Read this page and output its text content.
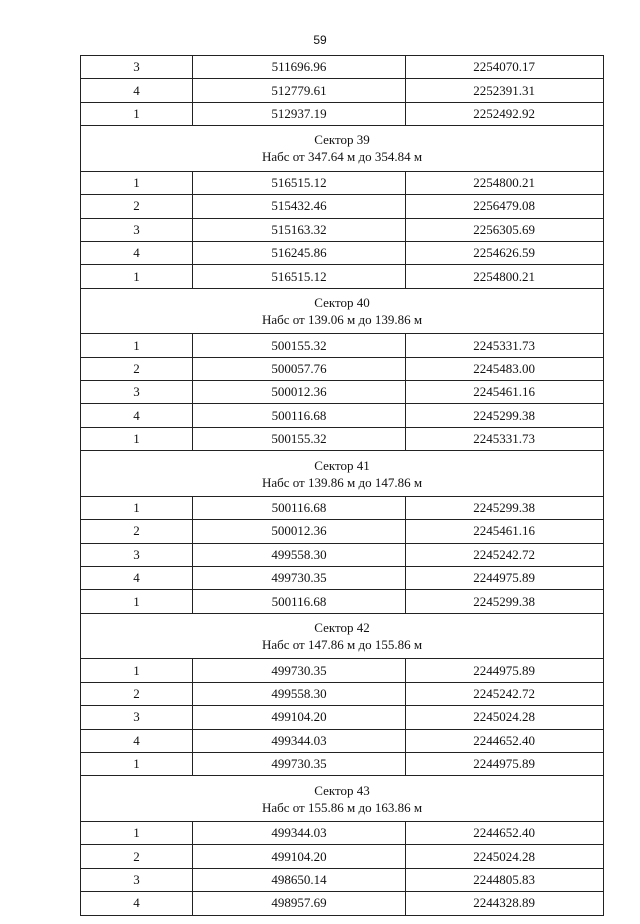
59
3	511696.96	2254070.17
4	512779.61	2252391.31
1	512937.19	2252492.92

Сектор 39
Набс от 347.64 м до 354.84 м		

1	516515.12	2254800.21
2	515432.46	2256479.08
3	515163.32	2256305.69
4	516245.86	2254626.59
1	516515.12	2254800.21

Сектор 40
Набс от 139.06 м до 139.86 м		

1	500155.32	2245331.73
2	500057.76	2245483.00
3	500012.36	2245461.16
4	500116.68	2245299.38
1	500155.32	2245331.73

Сектор 41
Набс от 139.86 м до 147.86 м		

1	500116.68	2245299.38
2	500012.36	2245461.16
3	499558.30	2245242.72
4	499730.35	2244975.89
1	500116.68	2245299.38

Сектор 42
Набс от 147.86 м до 155.86 м		

1	499730.35	2244975.89
2	499558.30	2245242.72
3	499104.20	2245024.28
4	499344.03	2244652.40
1	499730.35	2244975.89

Сектор 43
Набс от 155.86 м до 163.86 м		

1	499344.03	2244652.40
2	499104.20	2245024.28
3	498650.14	2244805.83
4	498957.69	2244328.89
